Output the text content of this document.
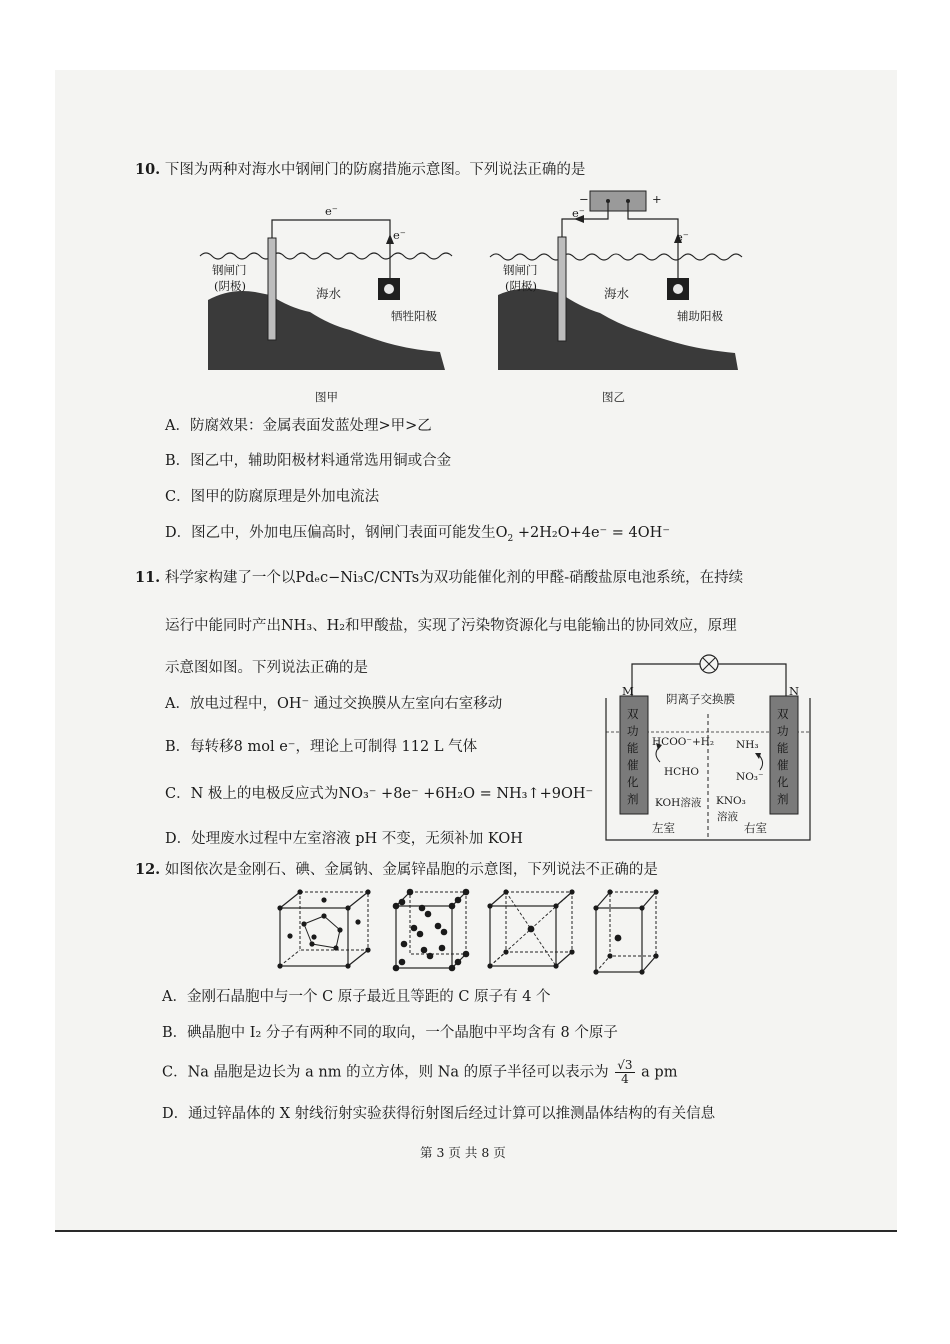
10. 下图为两种对海水中钢闸门的防腐措施示意图。下列说法正确的是
e⁻
e⁻
钢闸门
(阴极)	海水
牺牲阳极
图甲
−	+
e⁻
e⁻
钢闸门
(阴极)	海水
辅助阳极
图乙
A．防腐效果：金属表面发蓝处理>甲>乙
B．图乙中，辅助阳极材料通常选用铜或合金
C．图甲的防腐原理是外加电流法
D．图乙中，外加电压偏高时，钢闸门表面可能发生$O_2 +2H_2O+4e^- = 4OH^-$
11. 科学家构建了一个以Pdₑc−Ni₃C/CNTs为双功能催化剂的甲醛-硝酸盐原电池系统，在持续
运行中能同时产出NH₃、H₂和甲酸盐，实现了污染物资源化与电能输出的协同效应，原理
示意图如图。下列说法正确的是
A．放电过程中，OH⁻ 通过交换膜从左室向右室移动
B．每转移8 mol e⁻，理论上可制得 112 L 气体
C．N 极上的电极反应式为NO₃⁻ +8e⁻ +6H₂O = NH₃↑+9OH⁻
D．处理废水过程中左室溶液 pH 不变，无须补加 KOH
M	N
阴离子交换膜
双功能催化剂
双功能催化剂
HCOO⁻+H₂
HCHO
KOH溶液
NH₃
NO₃⁻
KNO₃
溶液
左室	右室
12. 如图依次是金刚石、碘、金属钠、金属锌晶胞的示意图，下列说法不正确的是
A．金刚石晶胞中与一个 C 原子最近且等距的 C 原子有 4 个
B．碘晶胞中 I₂ 分子有两种不同的取向，一个晶胞中平均含有 8 个原子
C．Na 晶胞是边长为 a nm 的立方体，则 Na 的原子半径可以表示为 $\frac{√3}{4}$ a pm
D．通过锌晶体的 X 射线衍射实验获得衍射图后经过计算可以推测晶体结构的有关信息
第 3 页 共 8 页
